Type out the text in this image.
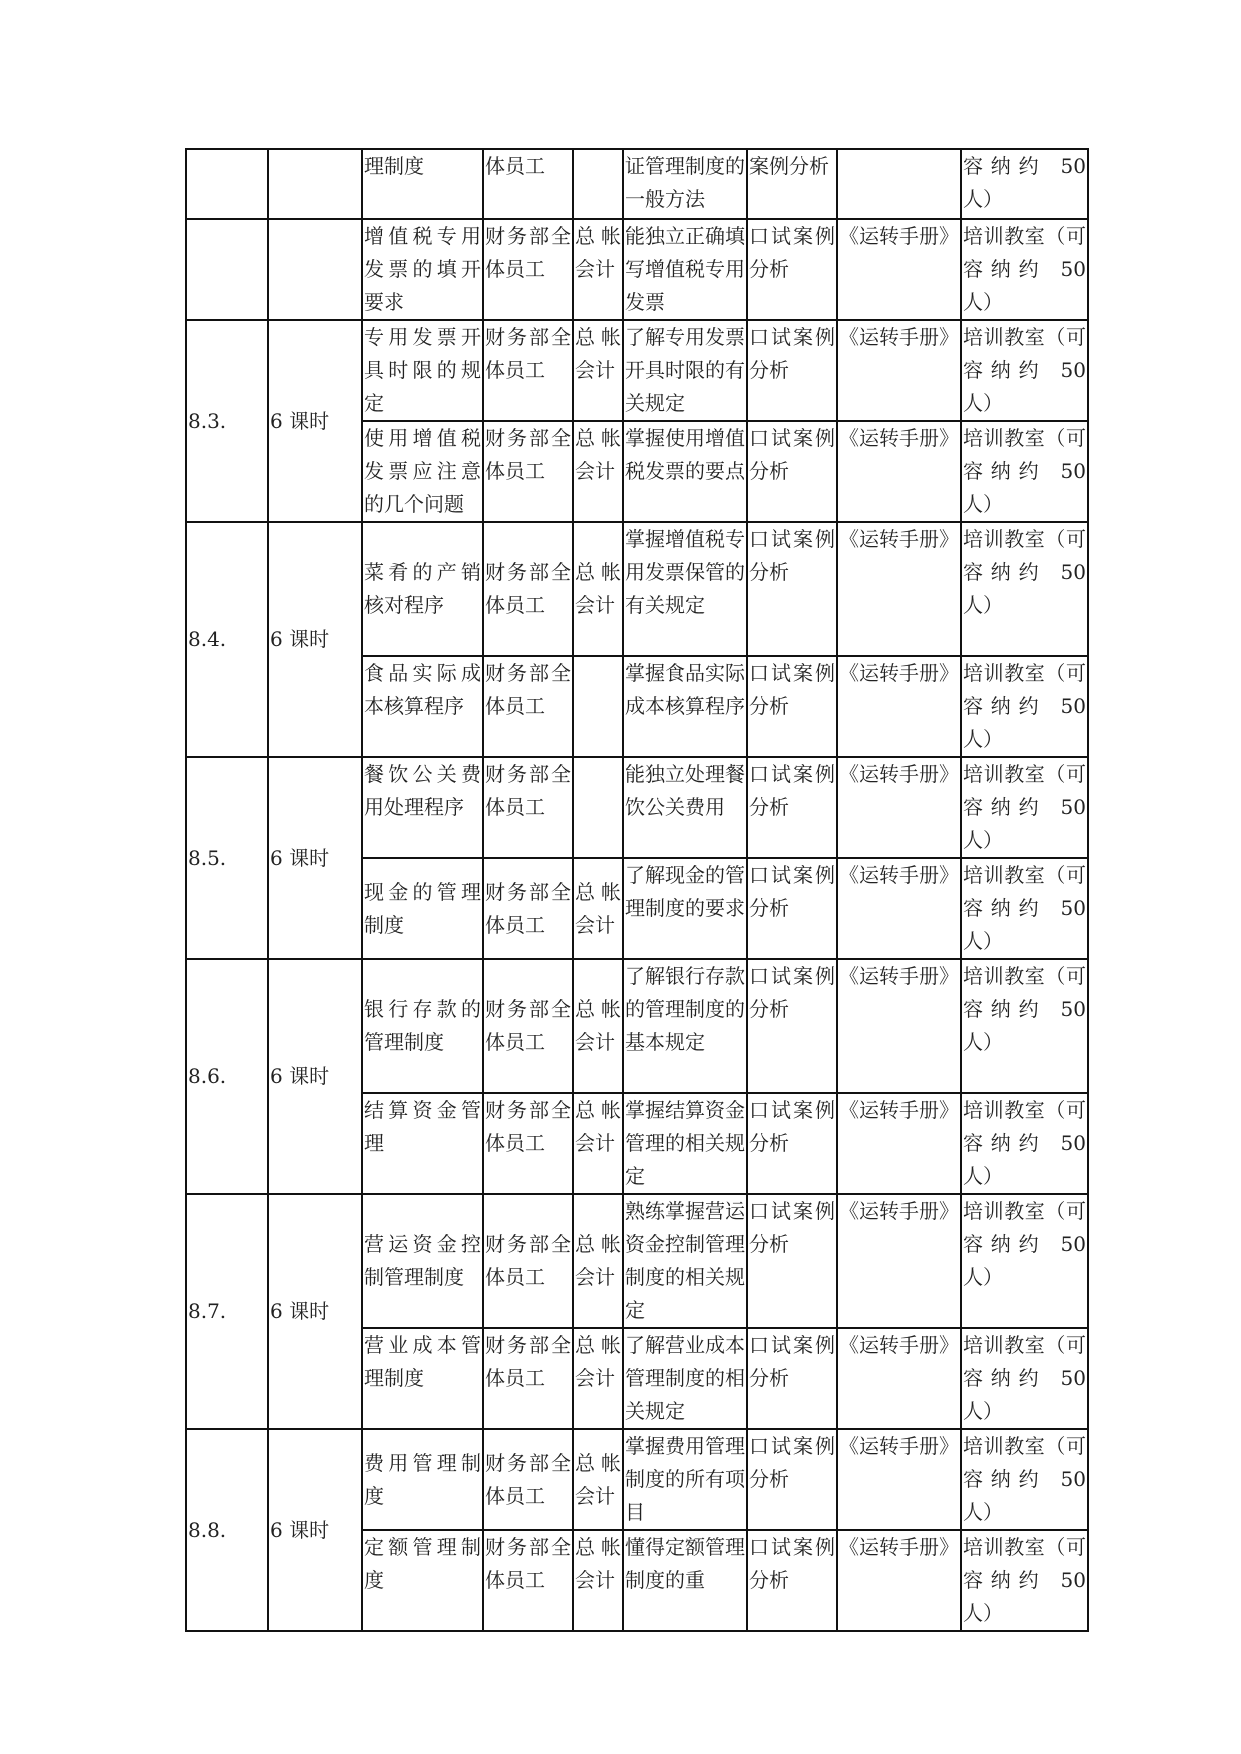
		理制度	体员工		证管理制度的一般方法	案例分析		容纳约 50 人）
		增值税专用发票的填开要求	财务部全体员工	总帐会计	能独立正确填写增值税专用发票	口试案例分析	《运转手册》	培训教室（可容纳约 50 人）
8.3.	6 课时	专用发票开具时限的规定	财务部全体员工	总帐会计	了解专用发票开具时限的有关规定	口试案例分析	《运转手册》	培训教室（可容纳约 50 人）
		使用增值税发票应注意的几个问题	财务部全体员工	总帐会计	掌握使用增值税发票的要点	口试案例分析	《运转手册》	培训教室（可容纳约 50 人）
8.4.	6 课时	菜肴的产销核对程序	财务部全体员工	总帐会计	掌握增值税专用发票保管的有关规定	口试案例分析	《运转手册》	培训教室（可容纳约 50 人）
		食品实际成本核算程序	财务部全体员工		掌握食品实际成本核算程序	口试案例分析	《运转手册》	培训教室（可容纳约 50 人）
8.5.	6 课时	餐饮公关费用处理程序	财务部全体员工		能独立处理餐饮公关费用	口试案例分析	《运转手册》	培训教室（可容纳约 50 人）
		现金的管理制度	财务部全体员工	总帐会计	了解现金的管理制度的要求	口试案例分析	《运转手册》	培训教室（可容纳约 50 人）
8.6.	6 课时	银行存款的管理制度	财务部全体员工	总帐会计	了解银行存款的管理制度的基本规定	口试案例分析	《运转手册》	培训教室（可容纳约 50 人）
		结算资金管理	财务部全体员工	总帐会计	掌握结算资金管理的相关规定	口试案例分析	《运转手册》	培训教室（可容纳约 50 人）
8.7.	6 课时	营运资金控制管理制度	财务部全体员工	总帐会计	熟练掌握营运资金控制管理制度的相关规定	口试案例分析	《运转手册》	培训教室（可容纳约 50 人）
		营业成本管理制度	财务部全体员工	总帐会计	了解营业成本管理制度的相关规定	口试案例分析	《运转手册》	培训教室（可容纳约 50 人）
8.8.	6 课时	费用管理制度	财务部全体员工	总帐会计	掌握费用管理制度的所有项目	口试案例分析	《运转手册》	培训教室（可容纳约 50 人）
		定额管理制度	财务部全体员工	总帐会计	懂得定额管理制度的重	口试案例分析	《运转手册》	培训教室（可容纳约 50 人）
